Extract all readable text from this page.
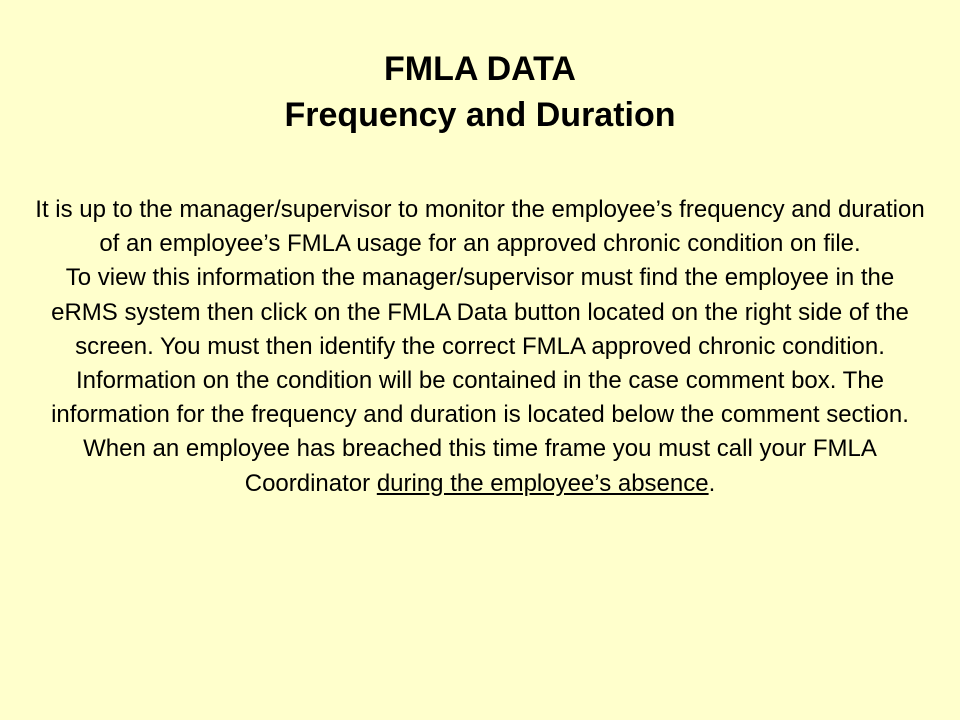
FMLA DATA
Frequency and Duration

It is up to the manager/supervisor to monitor the employee’s frequency and duration of an employee’s FMLA usage for an approved chronic condition on file.

To view this information the manager/supervisor must find the employee in the eRMS system then click on the FMLA Data button located on the right side of the screen. You must then identify the correct FMLA approved chronic condition. Information on the condition will be contained in the case comment box. The information for the frequency and duration is located below the comment section. When an employee has breached this time frame you must call your FMLA Coordinator during the employee’s absence.
